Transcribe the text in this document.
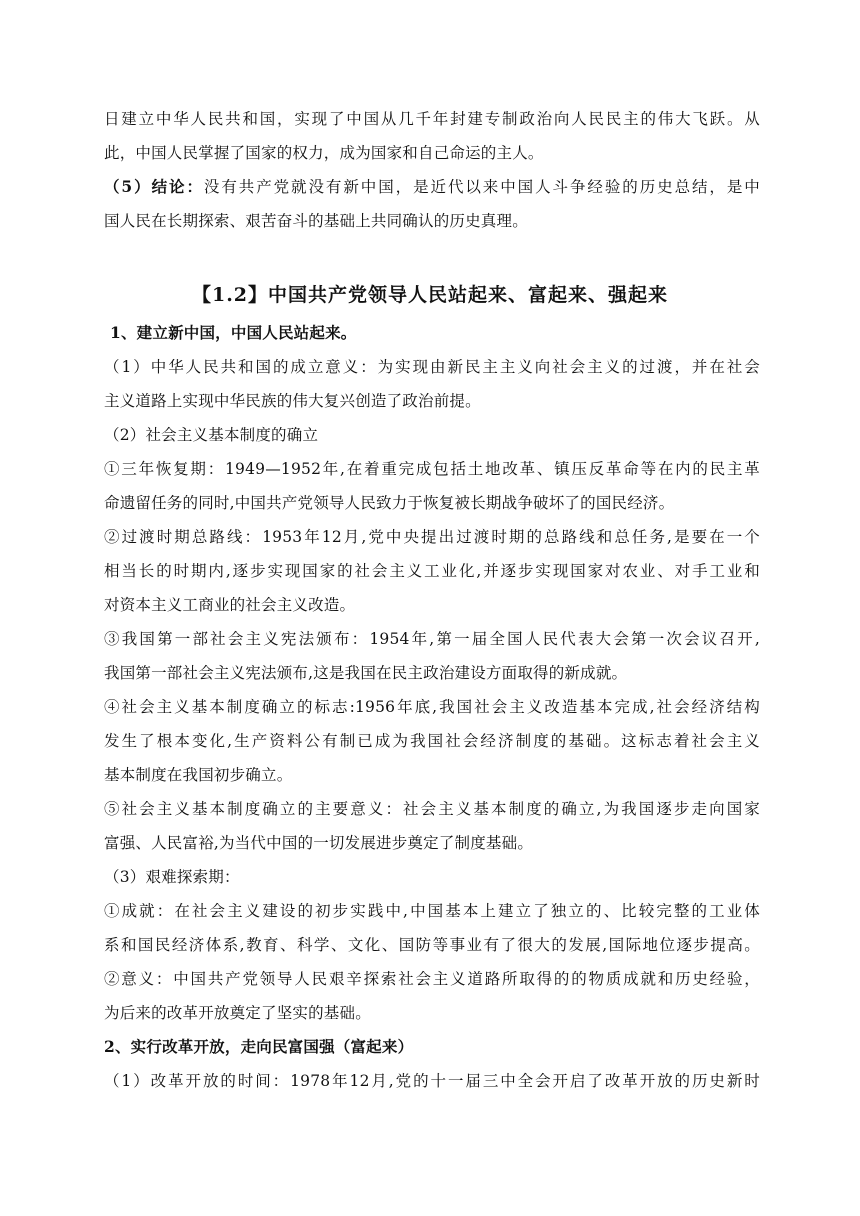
日建立中华人民共和国，实现了中国从几千年封建专制政治向人民民主的伟大飞跃。从
此，中国人民掌握了国家的权力，成为国家和自己命运的主人。
（5）结论：没有共产党就没有新中国，是近代以来中国人斗争经验的历史总结，是中
国人民在长期探索、艰苦奋斗的基础上共同确认的历史真理。
【1.2】中国共产党领导人民站起来、富起来、强起来
1、建立新中国，中国人民站起来。
（1）中华人民共和国的成立意义：为实现由新民主主义向社会主义的过渡，并在社会
主义道路上实现中华民族的伟大复兴创造了政治前提。
（2）社会主义基本制度的确立
①三年恢复期：1949—1952年,在着重完成包括土地改革、镇压反革命等在内的民主革
命遗留任务的同时,中国共产党领导人民致力于恢复被长期战争破坏了的国民经济。
②过渡时期总路线：1953年12月,党中央提出过渡时期的总路线和总任务,是要在一个
相当长的时期内,逐步实现国家的社会主义工业化,并逐步实现国家对农业、对手工业和
对资本主义工商业的社会主义改造。
③我国第一部社会主义宪法颁布：1954年,第一届全国人民代表大会第一次会议召开,
我国第一部社会主义宪法颁布,这是我国在民主政治建设方面取得的新成就。
④社会主义基本制度确立的标志:1956年底,我国社会主义改造基本完成,社会经济结构
发生了根本变化,生产资料公有制已成为我国社会经济制度的基础。这标志着社会主义
基本制度在我国初步确立。
⑤社会主义基本制度确立的主要意义：社会主义基本制度的确立,为我国逐步走向国家
富强、人民富裕,为当代中国的一切发展进步奠定了制度基础。
（3）艰难探索期：
①成就：在社会主义建设的初步实践中,中国基本上建立了独立的、比较完整的工业体
系和国民经济体系,教育、科学、文化、国防等事业有了很大的发展,国际地位逐步提高。
②意义：中国共产党领导人民艰辛探索社会主义道路所取得的的物质成就和历史经验，
为后来的改革开放奠定了坚实的基础。
2、实行改革开放，走向民富国强（富起来）
（1）改革开放的时间：1978年12月,党的十一届三中全会开启了改革开放的历史新时
